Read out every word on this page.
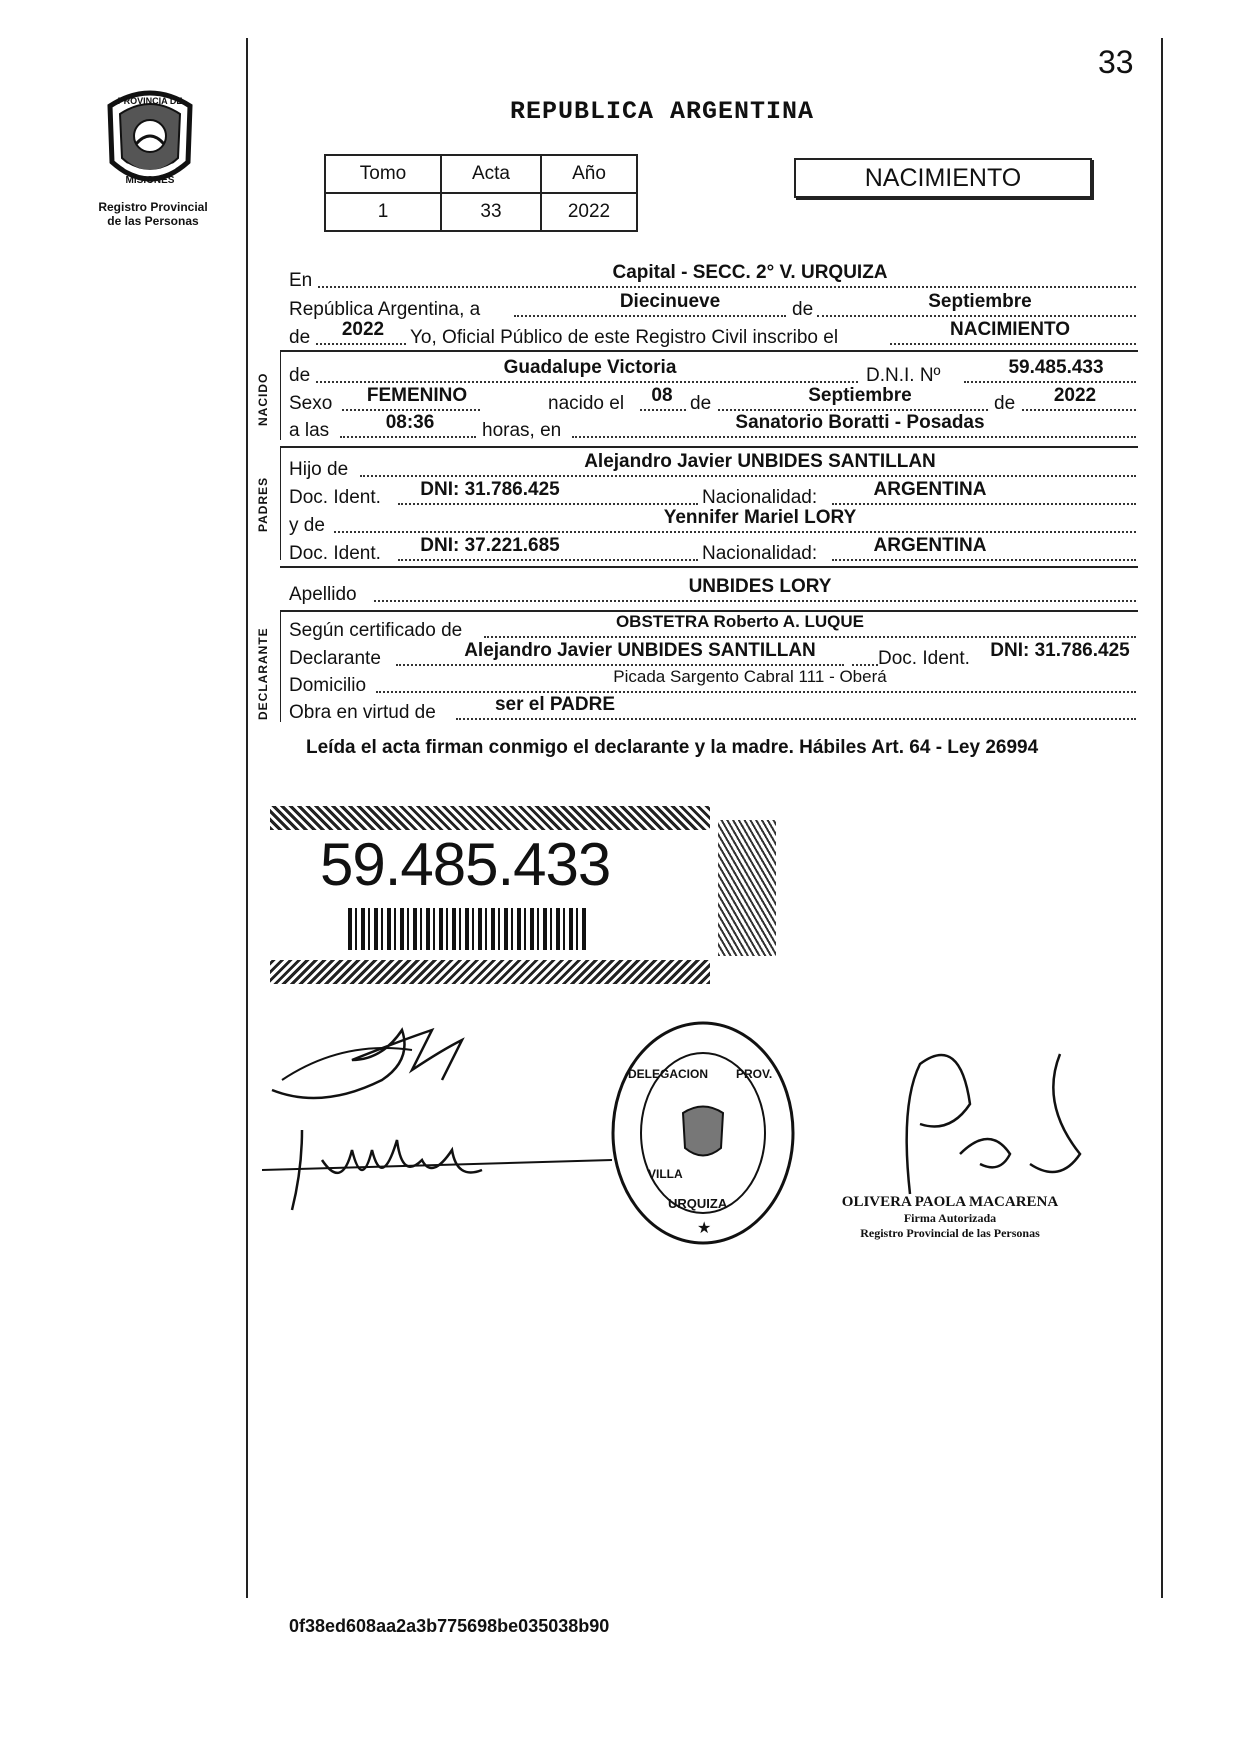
33
PROVINCIA DE
MISIONES
Registro Provincial
de las Personas
REPUBLICA ARGENTINA
Tomo	Acta	Año
1	33	2022
NACIMIENTO
En	Capital - SECC. 2° V. URQUIZA
República Argentina, a	Diecinueve	de	Septiembre
de	2022	Yo, Oficial Público de este Registro Civil inscribo el	NACIMIENTO
NACIDO de	Guadalupe Victoria	D.N.I. Nº	59.485.433
Sexo	FEMENINO	nacido el	08 de	Septiembre	de	2022
a las	08:36	horas, en	Sanatorio Boratti - Posadas
PADRES
Hijo de	Alejandro Javier UNBIDES SANTILLAN
Doc. Ident.	DNI: 31.786.425	Nacionalidad:	ARGENTINA
y de	Yennifer Mariel LORY
Doc. Ident.	DNI: 37.221.685	Nacionalidad:	ARGENTINA
Apellido	UNBIDES LORY
DECLARANTE Según certificado de	OBSTETRA Roberto A. LUQUE
Declarante	Alejandro Javier UNBIDES SANTILLAN	Doc. Ident.	DNI: 31.786.425
Domicilio	Picada Sargento Cabral 111 - Oberá
Obra en virtud de	ser el PADRE
Leída el acta firman conmigo el declarante y la madre. Hábiles Art. 64 - Ley 26994
59.485.433
DELEGACION PROV.
URQUIZA
VILLA
★
OLIVERA PAOLA MACARENA
Firma Autorizada
Registro Provincial de las Personas
0f38ed608aa2a3b775698be035038b90
